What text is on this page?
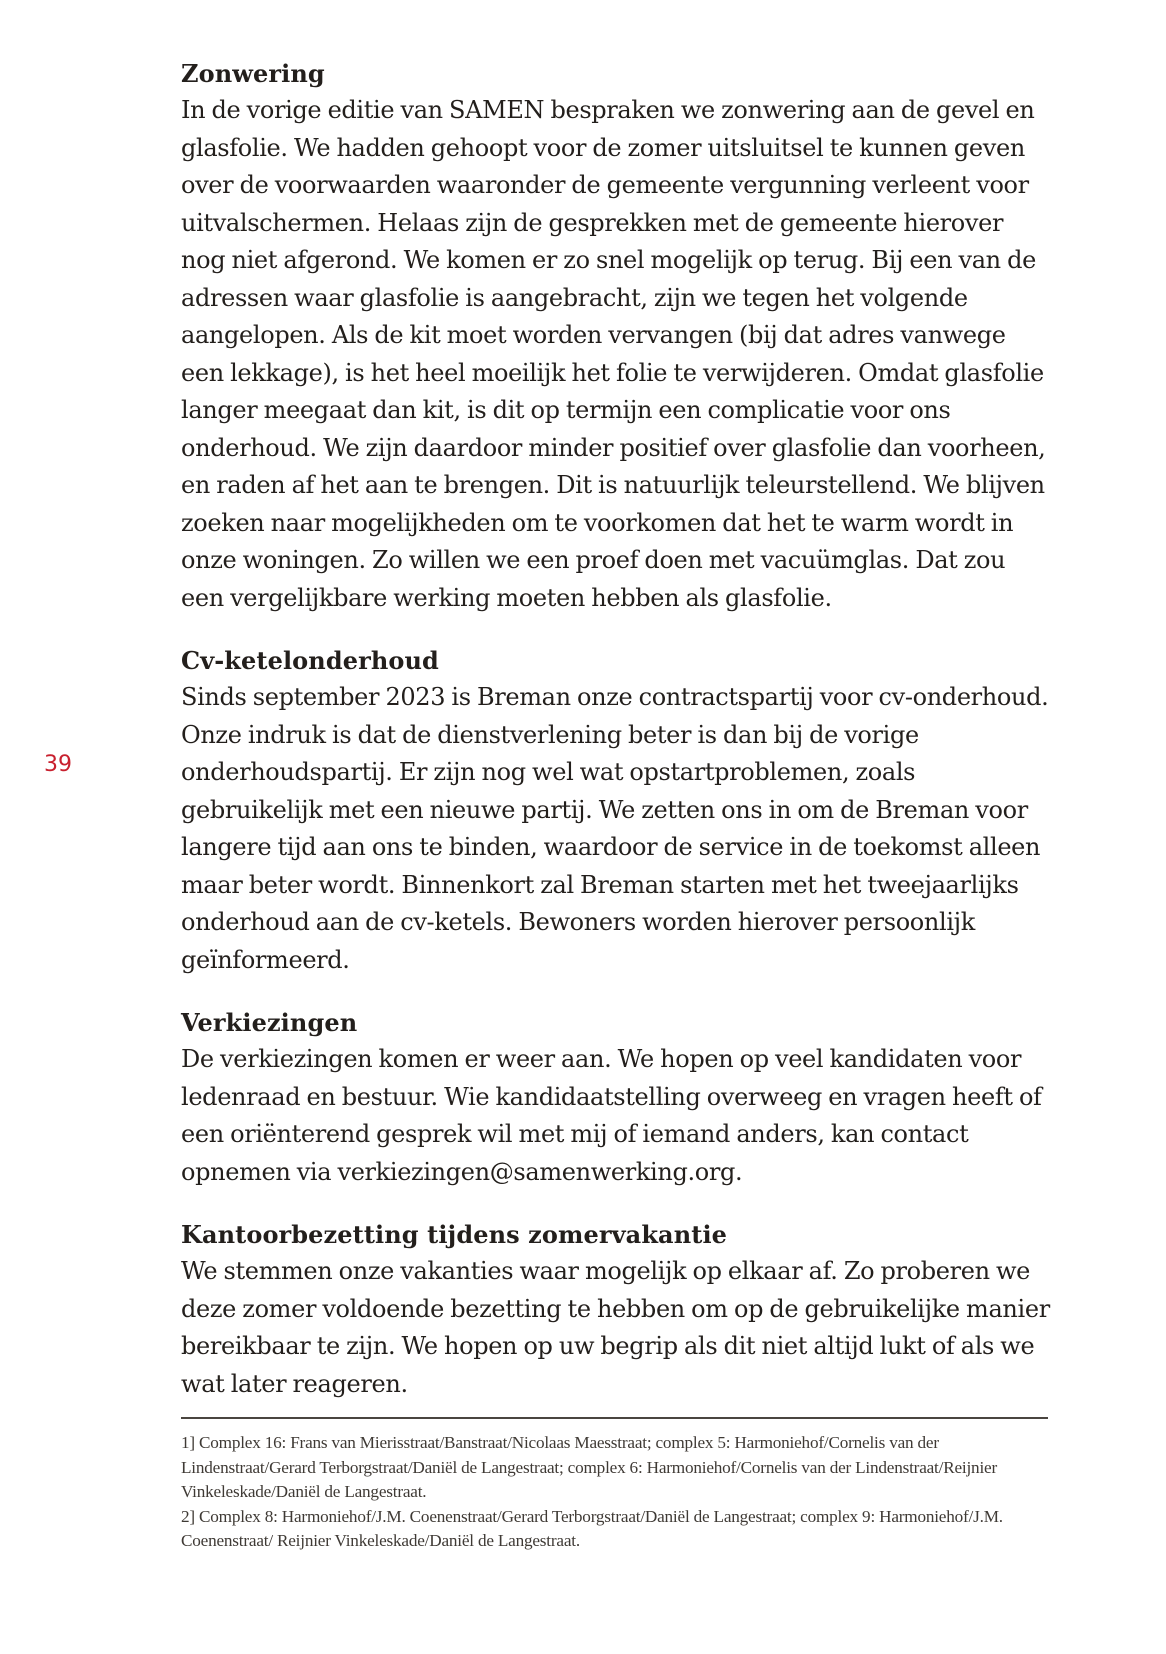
39
Zonwering

In de vorige editie van SAMEN bespraken we zonwering aan de gevel en glasfolie. We hadden gehoopt voor de zomer uitsluitsel te kunnen geven over de voorwaarden waaronder de gemeente vergunning verleent voor uitvalschermen. Helaas zijn de gesprekken met de gemeente hierover nog niet afgerond. We komen er zo snel mogelijk op terug. Bij een van de adressen waar glasfolie is aangebracht, zijn we tegen het volgende aangelopen. Als de kit moet worden vervangen (bij dat adres vanwege een lekkage), is het heel moeilijk het folie te verwijderen. Omdat glasfolie langer meegaat dan kit, is dit op termijn een complicatie voor ons onderhoud. We zijn daardoor minder positief over glasfolie dan voorheen, en raden af het aan te brengen. Dit is natuurlijk teleurstellend. We blijven zoeken naar mogelijkheden om te voorkomen dat het te warm wordt in onze woningen. Zo willen we een proef doen met vacuümglas. Dat zou een vergelijkbare werking moeten hebben als glasfolie.

Cv-ketelonderhoud

Sinds september 2023 is Breman onze contractspartij voor cv-onderhoud. Onze indruk is dat de dienstverlening beter is dan bij de vorige onderhoudspartij. Er zijn nog wel wat opstartproblemen, zoals gebruikelijk met een nieuwe partij. We zetten ons in om de Breman voor langere tijd aan ons te binden, waardoor de service in de toekomst alleen maar beter wordt. Binnenkort zal Breman starten met het tweejaarlijks onderhoud aan de cv-ketels. Bewoners worden hierover persoonlijk geïnformeerd.

Verkiezingen

De verkiezingen komen er weer aan. We hopen op veel kandidaten voor ledenraad en bestuur. Wie kandidaatstelling overweeg en vragen heeft of een oriënterend gesprek wil met mij of iemand anders, kan contact opnemen via verkiezingen@samenwerking.org.

Kantoorbezetting tijdens zomervakantie

We stemmen onze vakanties waar mogelijk op elkaar af. Zo proberen we deze zomer voldoende bezetting te hebben om op de gebruikelijke manier bereikbaar te zijn. We hopen op uw begrip als dit niet altijd lukt of als we wat later reageren.

1] Complex 16: Frans van Mierisstraat/Banstraat/Nicolaas Maesstraat; complex 5: Harmoniehof/Cornelis van der Lindenstraat/Gerard Terborgstraat/Daniël de Langestraat; complex 6: Harmoniehof/Cornelis van der Lindenstraat/Reijnier Vinkeleskade/Daniël de Langestraat.
2] Complex 8: Harmoniehof/J.M. Coenenstraat/Gerard Terborgstraat/Daniël de Langestraat; complex 9: Harmoniehof/J.M. Coenenstraat/ Reijnier Vinkeleskade/Daniël de Langestraat.
